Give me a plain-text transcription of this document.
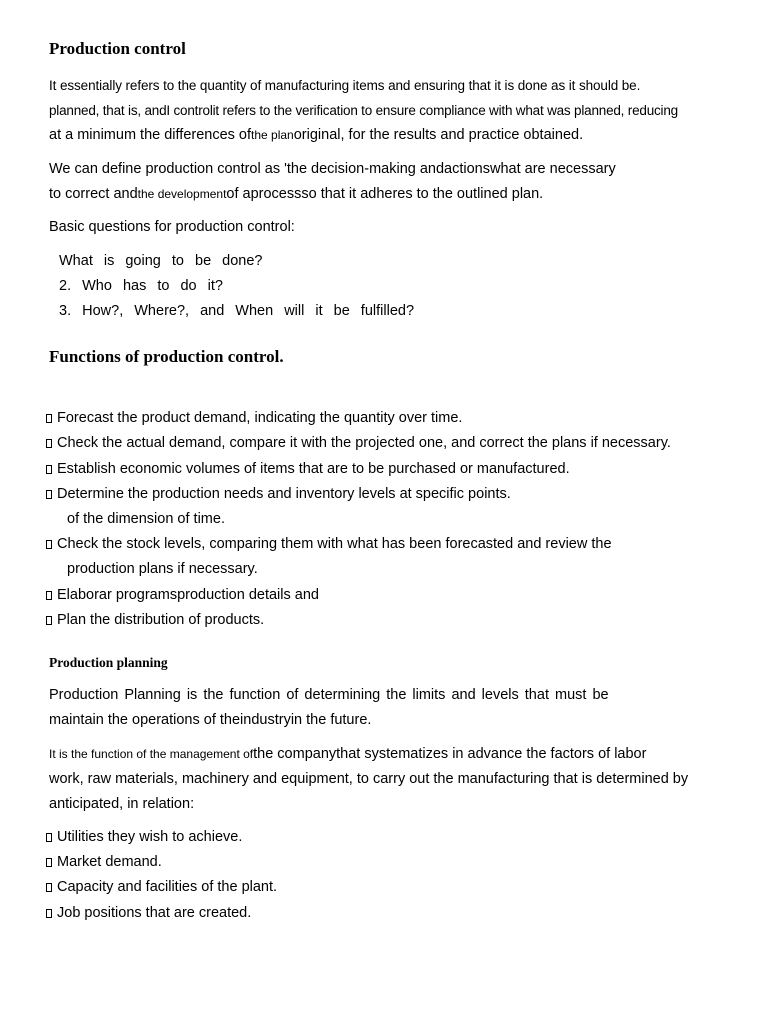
Production control
It essentially refers to the quantity of manufacturing items and ensuring that it is done as it should be.
planned, that is, andI controlit refers to the verification to ensure compliance with what was planned, reducing
at a minimum the differences ofthe planoriginal, for the results and practice obtained.
We can define production control as 'the decision-making andactionswhat are necessary
to correct andthe developmentof aprocessso that it adheres to the outlined plan.
Basic questions for production control:
What is going to be done?
2. Who has to do it?
3. How?, Where?, and When will it be fulfilled?
Functions of production control.
Forecast the product demand, indicating the quantity over time.
Check the actual demand, compare it with the projected one, and correct the plans if necessary.
Establish economic volumes of items that are to be purchased or manufactured.
Determine the production needs and inventory levels at specific points.
of the dimension of time.
Check the stock levels, comparing them with what has been forecasted and review the
production plans if necessary.
Elaborar programsproduction details and
Plan the distribution of products.
Production planning
Production Planning is the function of determining the limits and levels that must be
maintain the operations of theindustryin the future.
It is the function of the management ofthe companythat systematizes in advance the factors of labor
work, raw materials, machinery and equipment, to carry out the manufacturing that is determined by
anticipated, in relation:
Utilities they wish to achieve.
Market demand.
Capacity and facilities of the plant.
Job positions that are created.
